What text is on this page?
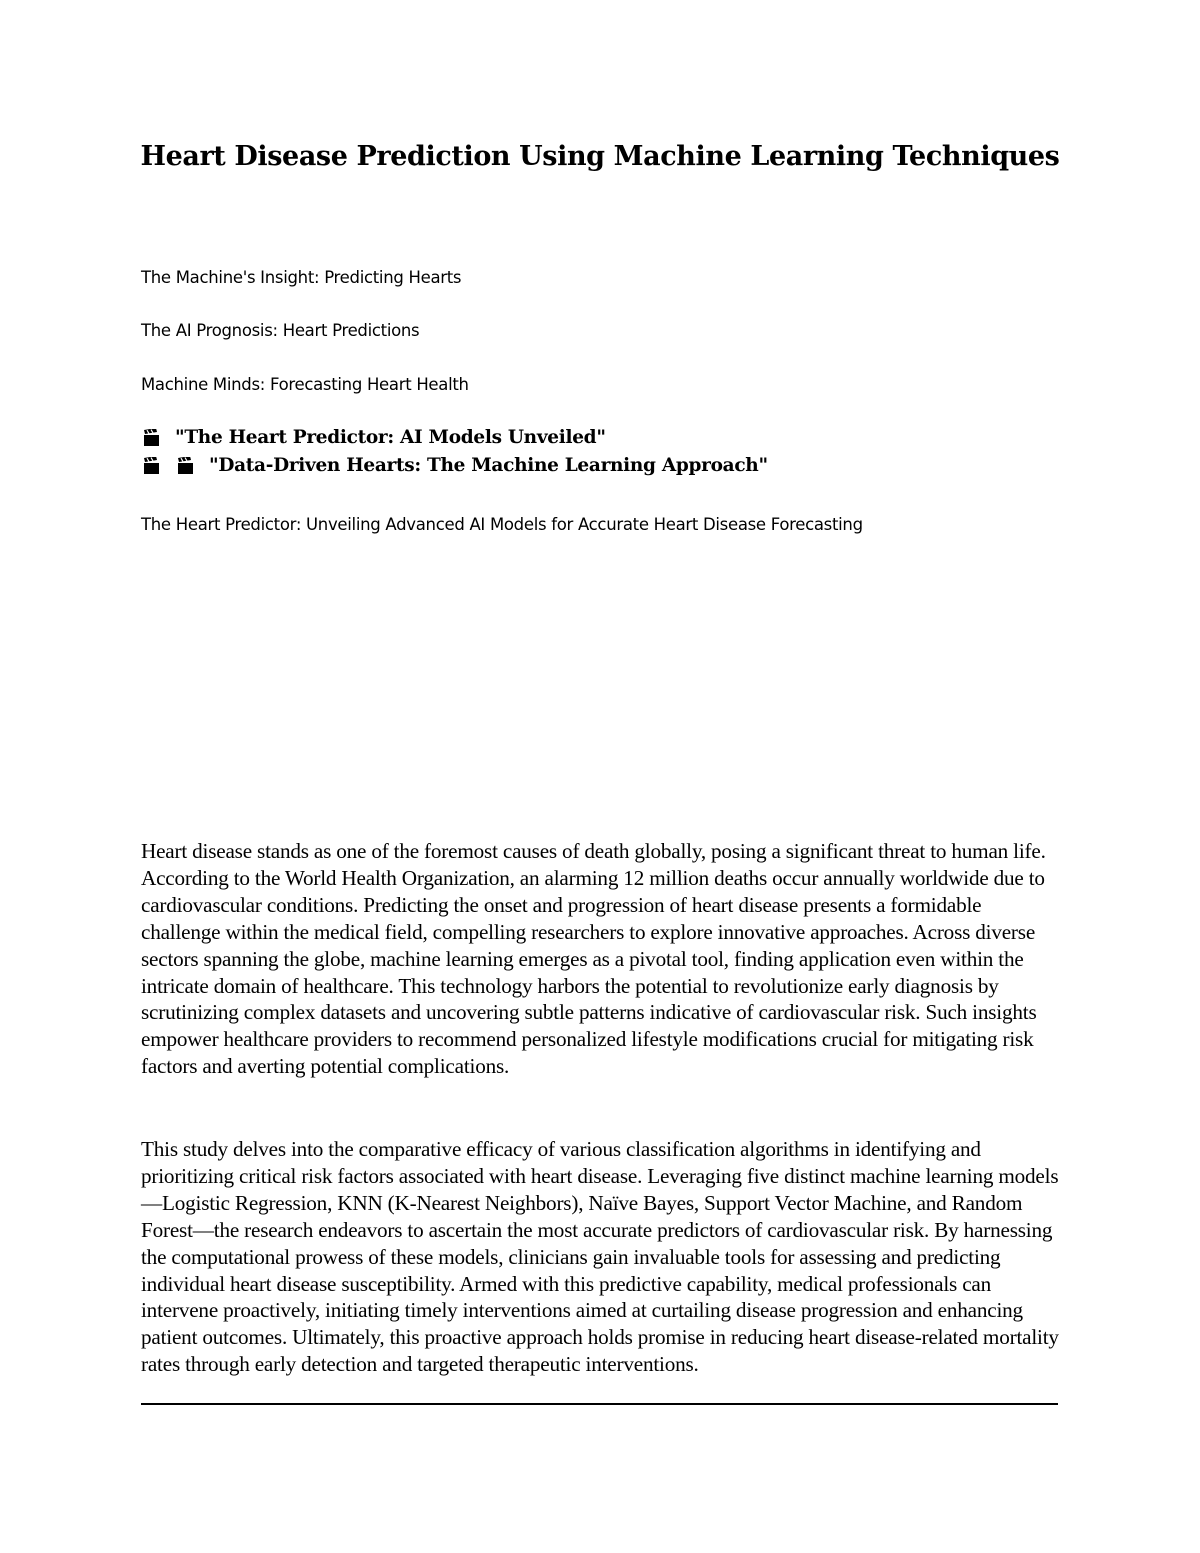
Heart Disease Prediction Using Machine Learning Techniques

The Machine's Insight: Predicting Hearts

The AI Prognosis: Heart Predictions

Machine Minds: Forecasting Heart Health

"The Heart Predictor: AI Models Unveiled"
"Data-Driven Hearts: The Machine Learning Approach"

The Heart Predictor: Unveiling Advanced AI Models for Accurate Heart Disease Forecasting

Heart disease stands as one of the foremost causes of death globally, posing a significant threat to human life. According to the World Health Organization, an alarming 12 million deaths occur annually worldwide due to cardiovascular conditions. Predicting the onset and progression of heart disease presents a formidable challenge within the medical field, compelling researchers to explore innovative approaches. Across diverse sectors spanning the globe, machine learning emerges as a pivotal tool, finding application even within the intricate domain of healthcare. This technology harbors the potential to revolutionize early diagnosis by scrutinizing complex datasets and uncovering subtle patterns indicative of cardiovascular risk. Such insights empower healthcare providers to recommend personalized lifestyle modifications crucial for mitigating risk factors and averting potential complications.

This study delves into the comparative efficacy of various classification algorithms in identifying and prioritizing critical risk factors associated with heart disease. Leveraging five distinct machine learning models—Logistic Regression, KNN (K-Nearest Neighbors), Naïve Bayes, Support Vector Machine, and Random Forest—the research endeavors to ascertain the most accurate predictors of cardiovascular risk. By harnessing the computational prowess of these models, clinicians gain invaluable tools for assessing and predicting individual heart disease susceptibility. Armed with this predictive capability, medical professionals can intervene proactively, initiating timely interventions aimed at curtailing disease progression and enhancing patient outcomes. Ultimately, this proactive approach holds promise in reducing heart disease-related mortality rates through early detection and targeted therapeutic interventions.
